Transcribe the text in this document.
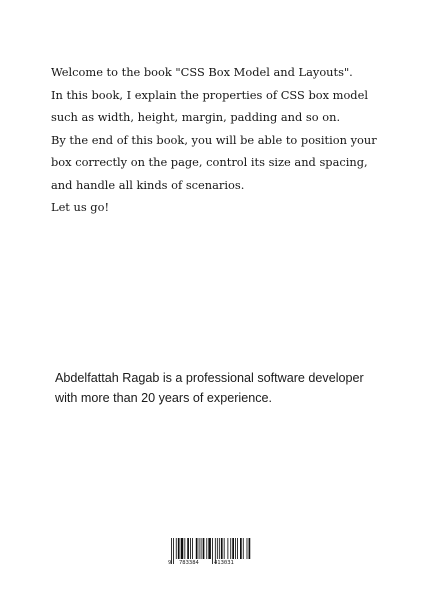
Welcome to the book "CSS Box Model and Layouts".

In this book, I explain the properties of CSS box model such as width, height, margin, padding and so on.

By the end of this book, you will be able to position your box correctly on the page, control its size and spacing, and handle all kinds of scenarios.

Let us go!

Abdelfattah Ragab is a professional software developer with more than 20 years of experience.

9 783384	413031
